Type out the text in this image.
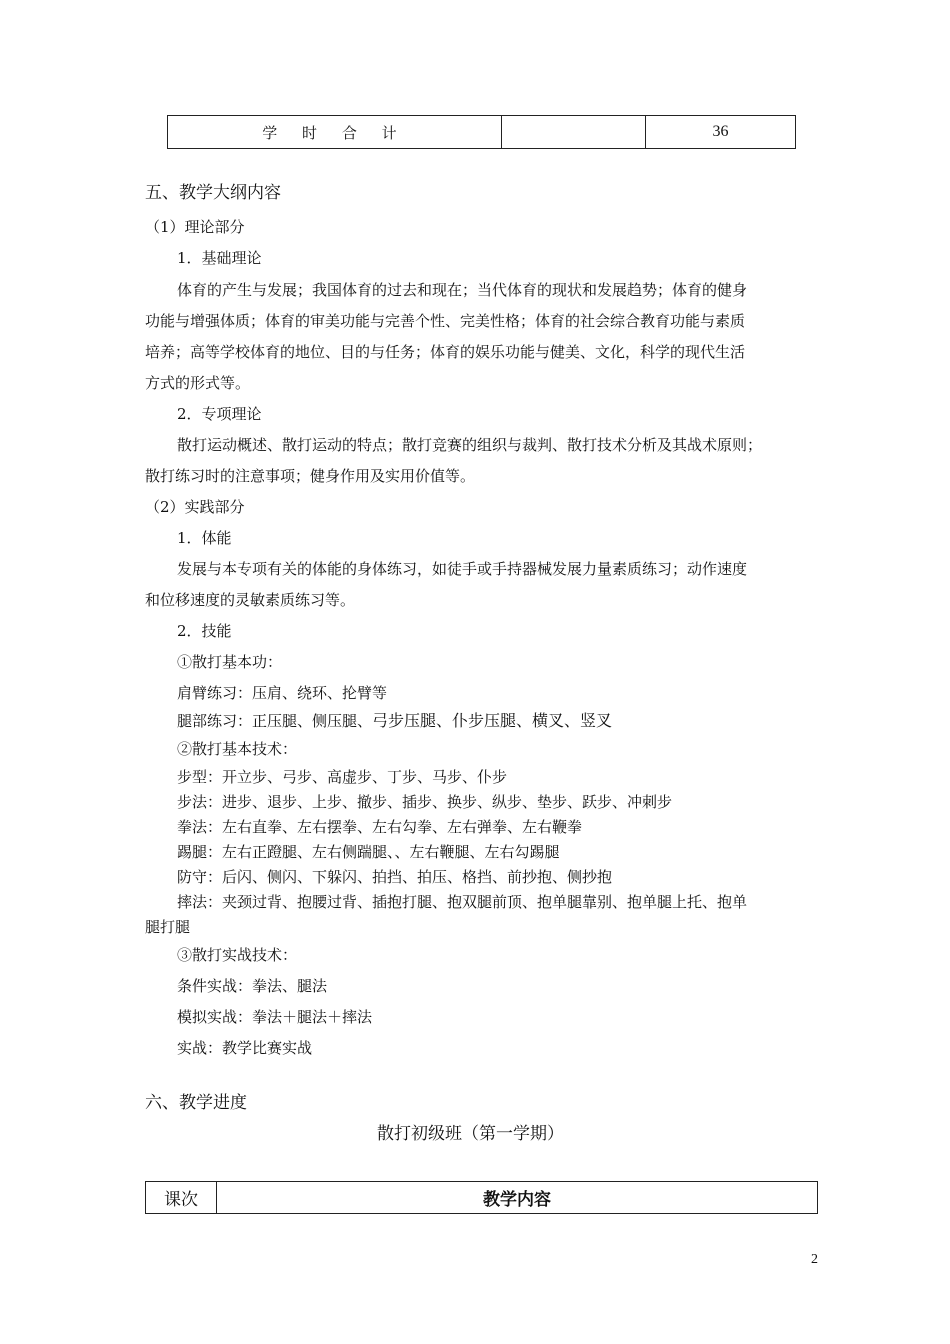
学 时 合 计		36
五、教学大纲内容
（1）理论部分
1．基础理论
体育的产生与发展；我国体育的过去和现在；当代体育的现状和发展趋势；体育的健身
功能与增强体质；体育的审美功能与完善个性、完美性格；体育的社会综合教育功能与素质
培养；高等学校体育的地位、目的与任务；体育的娱乐功能与健美、文化，科学的现代生活
方式的形式等。
2．专项理论
散打运动概述、散打运动的特点；散打竞赛的组织与裁判、散打技术分析及其战术原则；
散打练习时的注意事项；健身作用及实用价值等。
（2）实践部分
1．体能
发展与本专项有关的体能的身体练习，如徒手或手持器械发展力量素质练习；动作速度
和位移速度的灵敏素质练习等。
2．技能
①散打基本功：
肩臂练习：压肩、绕环、抡臂等
腿部练习：正压腿、侧压腿、弓步压腿、仆步压腿、横叉、竖叉
②散打基本技术：
步型：开立步、弓步、高虚步、丁步、马步、仆步
步法：进步、退步、上步、撤步、插步、换步、纵步、垫步、跃步、冲刺步
拳法：左右直拳、左右摆拳、左右勾拳、左右弹拳、左右鞭拳
踢腿：左右正蹬腿、左右侧踹腿、、左右鞭腿、左右勾踢腿
防守：后闪、侧闪、下躲闪、拍挡、拍压、格挡、前抄抱、侧抄抱
摔法：夹颈过背、抱腰过背、插抱打腿、抱双腿前顶、抱单腿靠别、抱单腿上托、抱单
腿打腿
③散打实战技术：
条件实战：拳法、腿法
模拟实战：拳法＋腿法＋摔法
实战：教学比赛实战
六、教学进度
散打初级班（第一学期）
课次	教学内容
2
